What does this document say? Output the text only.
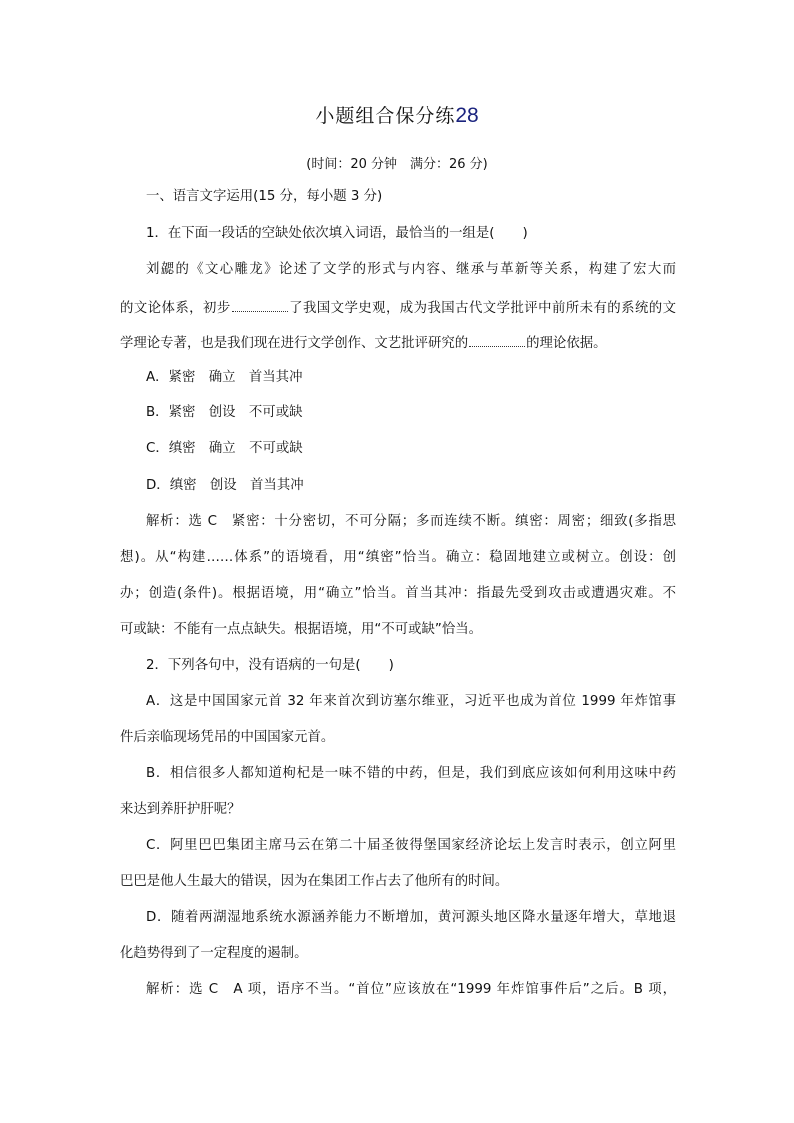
小题组合保分练28
(时间：20 分钟　满分：26 分)
一、语言文字运用(15 分，每小题 3 分)
1．在下面一段话的空缺处依次填入词语，最恰当的一组是( )
刘勰的《文心雕龙》论述了文学的形式与内容、继承与革新等关系，构建了宏大而
的文论体系，初步	了我国文学史观，成为我国古代文学批评中前所未有的系统的文
学理论专著，也是我们现在进行文学创作、文艺批评研究的	的理论依据。
A．紧密　确立　首当其冲
B．紧密　创设　不可或缺
C．缜密　确立　不可或缺
D．缜密　创设　首当其冲
解析：选 C　紧密：十分密切，不可分隔；多而连续不断。缜密：周密；细致(多指思
想)。从“构建……体系”的语境看，用“缜密”恰当。确立：稳固地建立或树立。创设：创
办；创造(条件)。根据语境，用“确立”恰当。首当其冲：指最先受到攻击或遭遇灾难。不
可或缺：不能有一点点缺失。根据语境，用“不可或缺”恰当。
2．下列各句中，没有语病的一句是( )
A．这是中国国家元首 32 年来首次到访塞尔维亚，习近平也成为首位 1999 年炸馆事
件后亲临现场凭吊的中国国家元首。
B．相信很多人都知道枸杞是一味不错的中药，但是，我们到底应该如何利用这味中药
来达到养肝护肝呢？
C．阿里巴巴集团主席马云在第二十届圣彼得堡国家经济论坛上发言时表示，创立阿里
巴巴是他人生最大的错误，因为在集团工作占去了他所有的时间。
D．随着两湖湿地系统水源涵养能力不断增加，黄河源头地区降水量逐年增大，草地退
化趋势得到了一定程度的遏制。
解析：选 C　A 项，语序不当。“首位”应该放在“1999 年炸馆事件后”之后。B 项，
